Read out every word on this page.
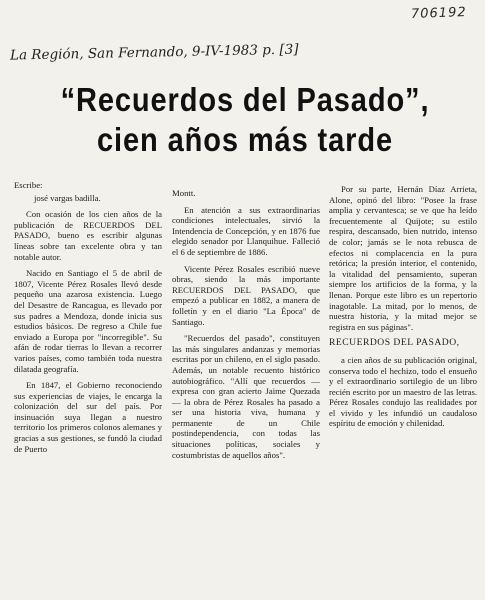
706192
La Región, San Fernando, 9-IV-1983 p. [3]
“Recuerdos del Pasado”,
cien años más tarde

Escribe:

josé vargas badilla.

Con ocasión de los cien años de la publicación de RECUERDOS DEL PASADO, bueno es escribir algunas líneas sobre tan excelente obra y tan notable autor.

Nacido en Santiago el 5 de abril de 1807, Vicente Pérez Rosales llevó desde pequeño una azarosa existencia. Luego del Desastre de Rancagua, es llevado por sus padres a Mendoza, donde inicia sus estudios básicos. De regreso a Chile fue enviado a Europa por "incorregible". Su afán de rodar tierras lo llevan a recorrer varios países, como también toda nuestra dilatada geografía.

En 1847, el Gobierno reconociendo sus experiencias de viajes, le encarga la colonización del sur del país. Por insinuación suya llegan a nuestro territorio los primeros colonos alemanes y gracias a sus gestiones, se fundó la ciudad de Puerto

Montt.

En atención a sus extraordinarias condiciones intelectuales, sirvió la Intendencia de Concepción, y en 1876 fue elegido senador por Llanquihue. Falleció el 6 de septiembre de 1886.

Vicente Pérez Rosales escribió nueve obras, siendo la más importante RECUERDOS DEL PASADO, que empezó a publicar en 1882, a manera de folletín y en el diario "La Época" de Santiago.

"Recuerdos del pasado", constituyen las más singulares andanzas y memorias escritas por un chileno, en el siglo pasado. Además, un notable recuento histórico autobiográfico. "Allí que recuerdos —expresa con gran acierto Jaime Quezada— la obra de Pérez Rosales ha pasado a ser una historia viva, humana y permanente de un Chile postindependencia, con todas las situaciones políticas, sociales y costumbristas de aquellos años".

Por su parte, Hernán Díaz Arrieta, Alone, opinó del libro: "Posee la frase amplia y cervantesca; se ve que ha leído frecuentemente al Quijote; su estilo respira, descansado, bien nutrido, intenso de color; jamás se le nota rebusca de efectos ni complacencia en la pura retórica; la presión interior, el contenido, la vitalidad del pensamiento, superan siempre los artificios de la forma, y la llenan. Porque este libro es un repertorio inagotable. La mitad, por lo menos, de nuestra historia, y la mitad mejor se registra en sus páginas".

RECUERDOS DEL PASADO,

a cien años de su publicación original, conserva todo el hechizo, todo el ensueño y el extraordinario sortilegio de un libro recién escrito por un maestro de las letras. Pérez Rosales condujo las realidades por el vivido y les infundió un caudaloso espíritu de emoción y chilenidad.
